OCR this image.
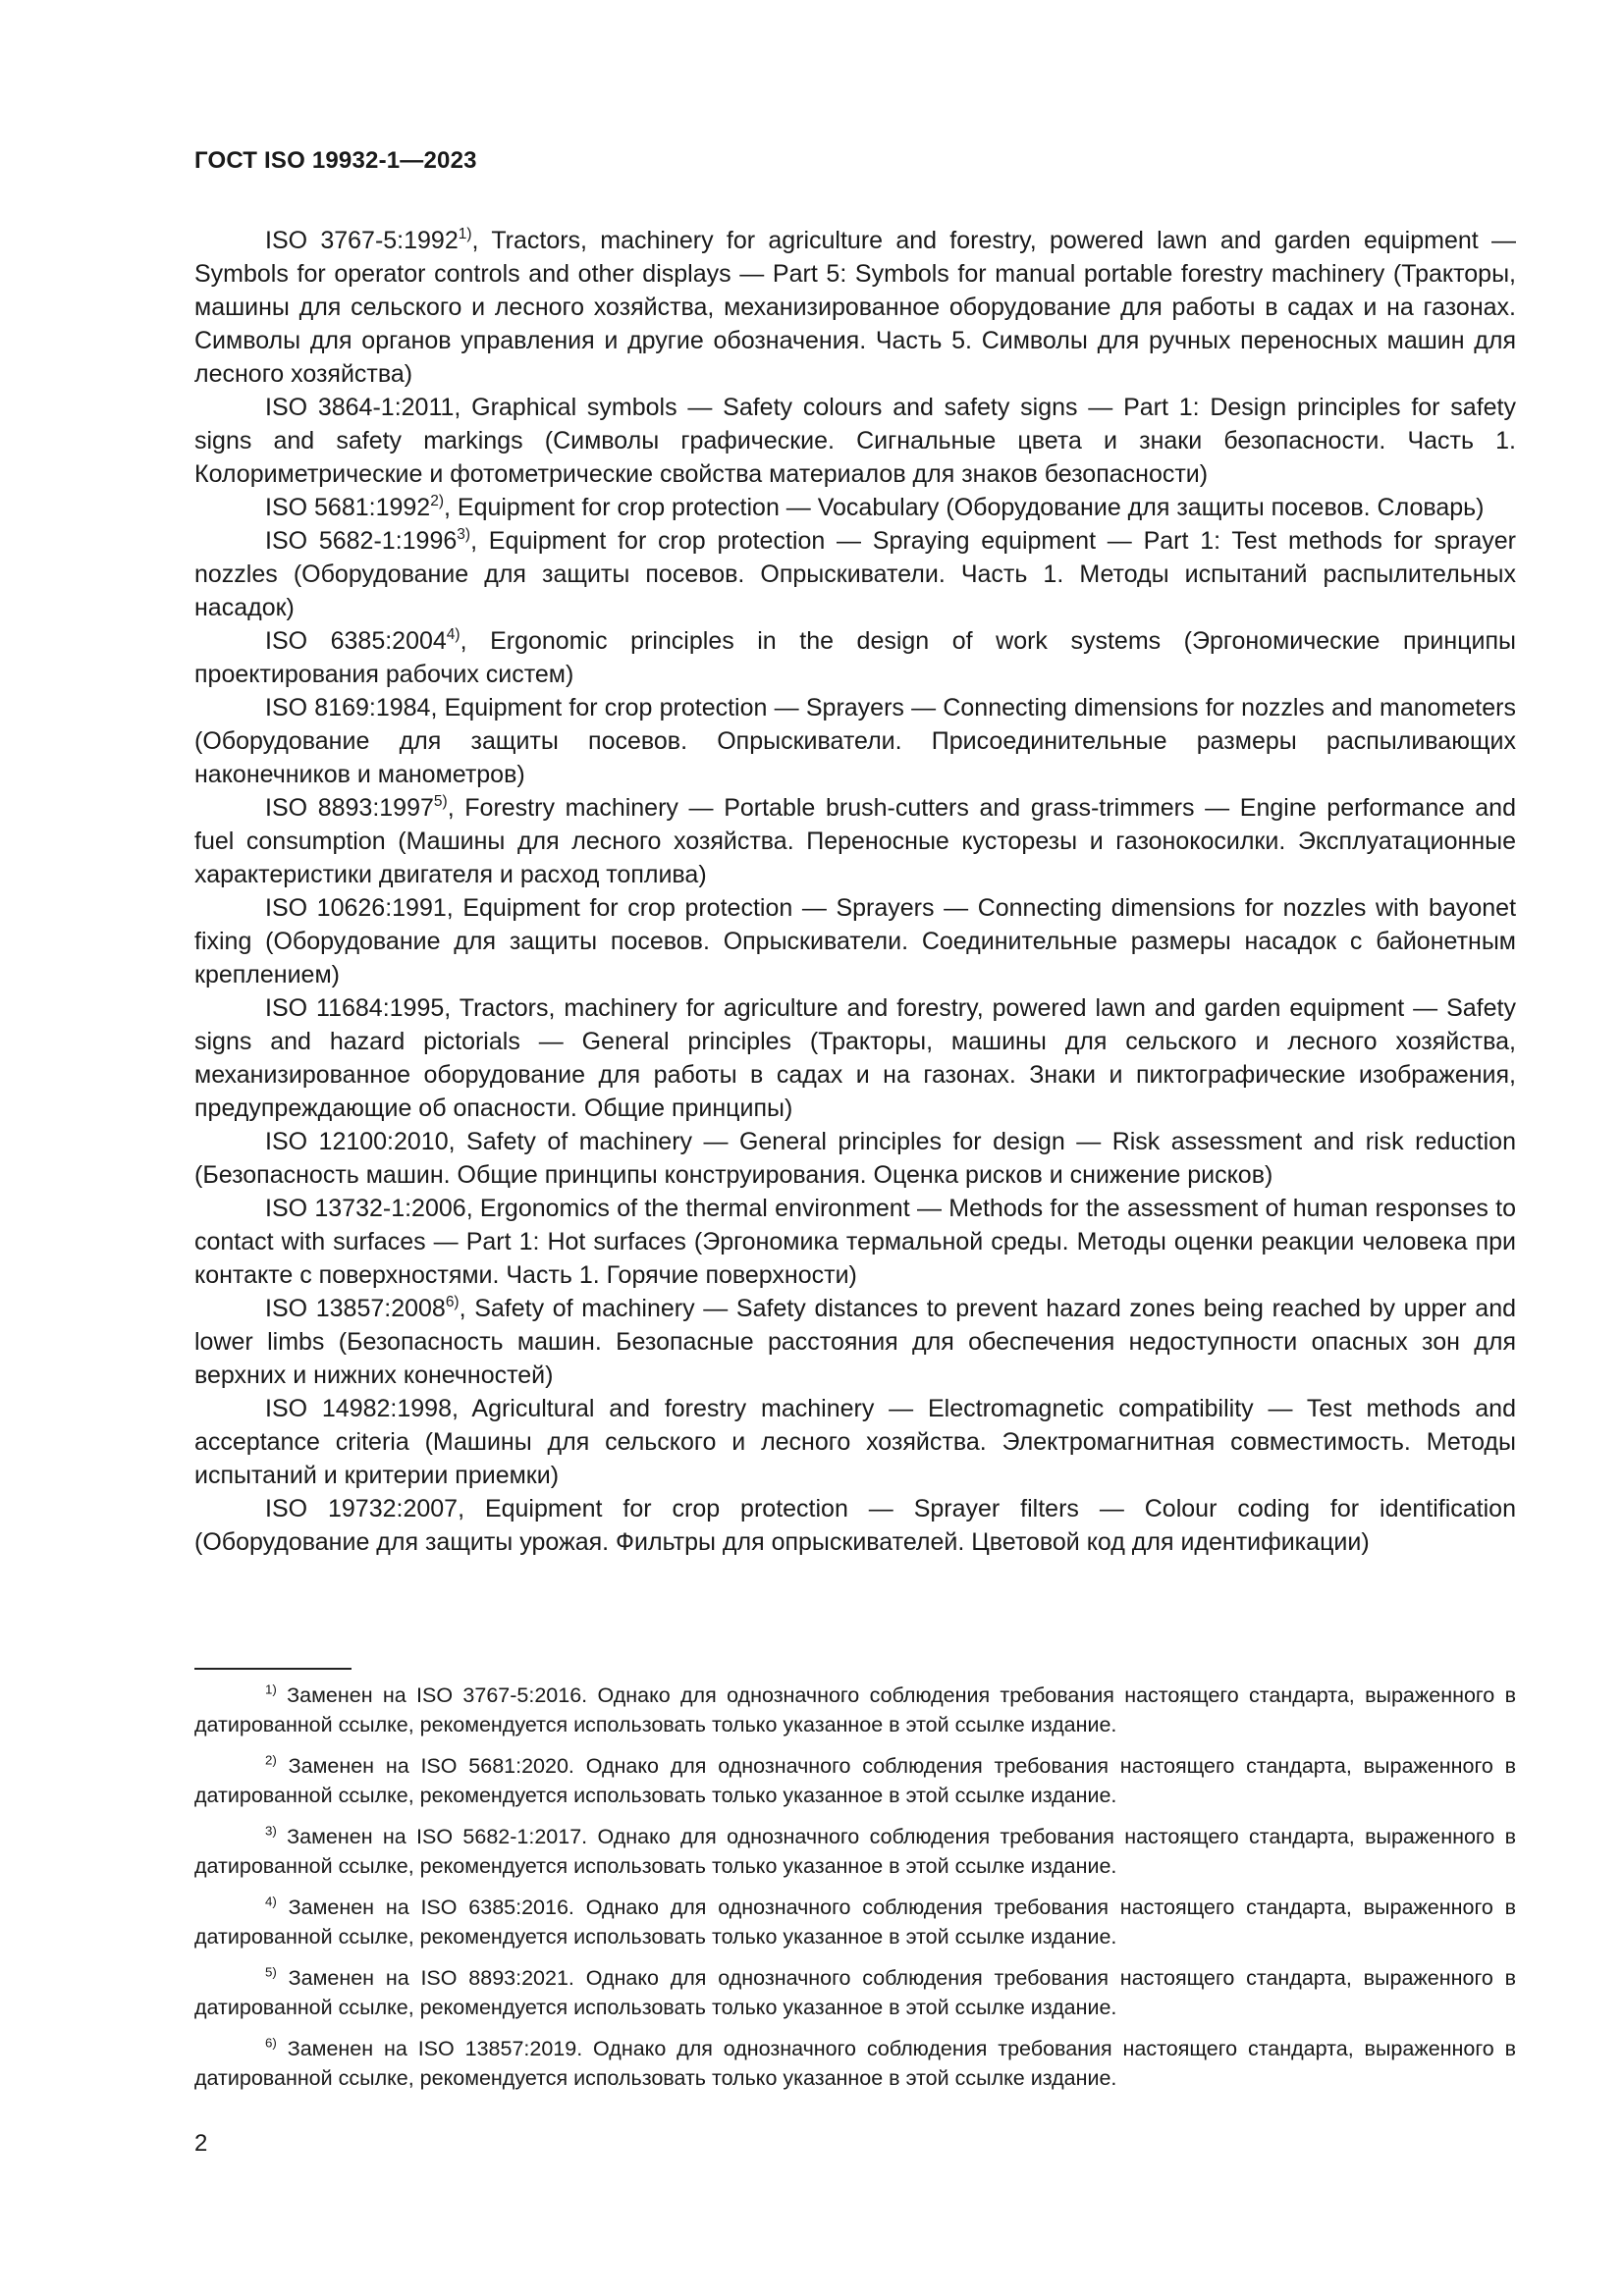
ГОСТ ISO 19932-1—2023

ISO 3767-5:1992$^{1)}$, Tractors, machinery for agriculture and forestry, powered lawn and garden equipment — Symbols for operator controls and other displays — Part 5: Symbols for manual portable forestry machinery (Тракторы, машины для сельского и лесного хозяйства, механизированное оборудование для работы в садах и на газонах. Символы для органов управления и другие обозначения. Часть 5. Символы для ручных переносных машин для лесного хозяйства)

ISO 3864-1:2011, Graphical symbols — Safety colours and safety signs — Part 1: Design principles for safety signs and safety markings (Символы графические. Сигнальные цвета и знаки безопасности. Часть 1. Колориметрические и фотометрические свойства материалов для знаков безопасности)

ISO 5681:1992$^{2)}$, Equipment for crop protection — Vocabulary (Оборудование для защиты посевов. Словарь)

ISO 5682-1:1996$^{3)}$, Equipment for crop protection — Spraying equipment — Part 1: Test methods for sprayer nozzles (Оборудование для защиты посевов. Опрыскиватели. Часть 1. Методы испытаний распылительных насадок)

ISO 6385:2004$^{4)}$, Ergonomic principles in the design of work systems (Эргономические принципы проектирования рабочих систем)

ISO 8169:1984, Equipment for crop protection — Sprayers — Connecting dimensions for nozzles and manometers (Оборудование для защиты посевов. Опрыскиватели. Присоединительные размеры распыливающих наконечников и манометров)

ISO 8893:1997$^{5)}$, Forestry machinery — Portable brush-cutters and grass-trimmers — Engine performance and fuel consumption (Машины для лесного хозяйства. Переносные кусторезы и газонокосилки. Эксплуатационные характеристики двигателя и расход топлива)

ISO 10626:1991, Equipment for crop protection — Sprayers — Connecting dimensions for nozzles with bayonet fixing (Оборудование для защиты посевов. Опрыскиватели. Соединительные размеры насадок с байонетным креплением)

ISO 11684:1995, Tractors, machinery for agriculture and forestry, powered lawn and garden equipment — Safety signs and hazard pictorials — General principles (Тракторы, машины для сельского и лесного хозяйства, механизированное оборудование для работы в садах и на газонах. Знаки и пиктографические изображения, предупреждающие об опасности. Общие принципы)

ISO 12100:2010, Safety of machinery — General principles for design — Risk assessment and risk reduction (Безопасность машин. Общие принципы конструирования. Оценка рисков и снижение рисков)

ISO 13732-1:2006, Ergonomics of the thermal environment — Methods for the assessment of human responses to contact with surfaces — Part 1: Hot surfaces (Эргономика термальной среды. Методы оценки реакции человека при контакте с поверхностями. Часть 1. Горячие поверхности)

ISO 13857:2008$^{6)}$, Safety of machinery — Safety distances to prevent hazard zones being reached by upper and lower limbs (Безопасность машин. Безопасные расстояния для обеспечения недоступности опасных зон для верхних и нижних конечностей)

ISO 14982:1998, Agricultural and forestry machinery — Electromagnetic compatibility — Test methods and acceptance criteria (Машины для сельского и лесного хозяйства. Электромагнитная совместимость. Методы испытаний и критерии приемки)

ISO 19732:2007, Equipment for crop protection — Sprayer filters — Colour coding for identification (Оборудование для защиты урожая. Фильтры для опрыскивателей. Цветовой код для идентификации)

$^{1)}$ Заменен на ISO 3767-5:2016. Однако для однозначного соблюдения требования настоящего стандарта, выраженного в датированной ссылке, рекомендуется использовать только указанное в этой ссылке издание.

$^{2)}$ Заменен на ISO 5681:2020. Однако для однозначного соблюдения требования настоящего стандарта, выраженного в датированной ссылке, рекомендуется использовать только указанное в этой ссылке издание.

$^{3)}$ Заменен на ISO 5682-1:2017. Однако для однозначного соблюдения требования настоящего стандарта, выраженного в датированной ссылке, рекомендуется использовать только указанное в этой ссылке издание.

$^{4)}$ Заменен на ISO 6385:2016. Однако для однозначного соблюдения требования настоящего стандарта, выраженного в датированной ссылке, рекомендуется использовать только указанное в этой ссылке издание.

$^{5)}$ Заменен на ISO 8893:2021. Однако для однозначного соблюдения требования настоящего стандарта, выраженного в датированной ссылке, рекомендуется использовать только указанное в этой ссылке издание.

$^{6)}$ Заменен на ISO 13857:2019. Однако для однозначного соблюдения требования настоящего стандарта, выраженного в датированной ссылке, рекомендуется использовать только указанное в этой ссылке издание.

2
